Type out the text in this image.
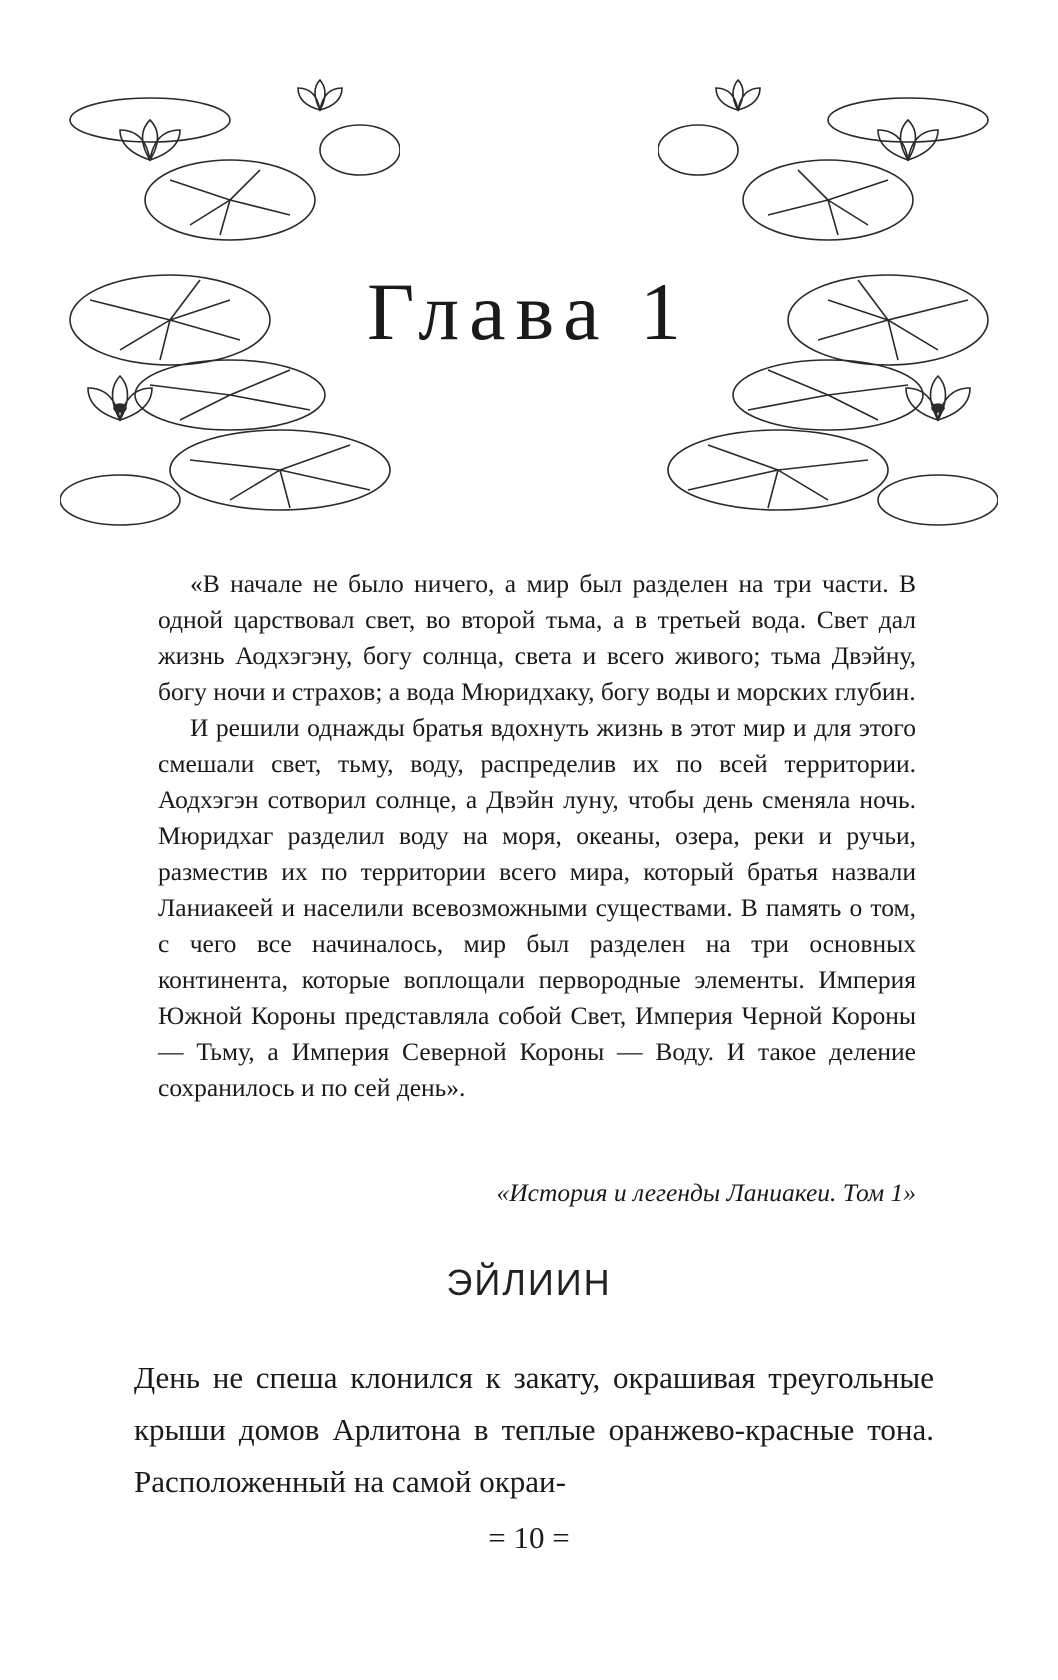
Глава 1

«В начале не было ничего, а мир был разделен на три части. В одной царствовал свет, во второй тьма, а в третьей вода. Свет дал жизнь Аодхэгэну, богу солнца, света и всего живого; тьма Двэйну, богу ночи и страхов; а вода Мюридхаку, богу воды и морских глубин.

И решили однажды братья вдохнуть жизнь в этот мир и для этого смешали свет, тьму, воду, распределив их по всей территории. Аодхэгэн сотворил солнце, а Двэйн луну, чтобы день сменяла ночь. Мюридхаг разделил воду на моря, океаны, озера, реки и ручьи, разместив их по территории всего мира, который братья назвали Ланиакеей и населили всевозможными существами. В память о том, с чего все начиналось, мир был разделен на три основных континента, которые воплощали первородные элементы. Империя Южной Короны представляла собой Свет, Империя Черной Короны — Тьму, а Империя Северной Короны — Воду. И такое деление сохранилось и по сей день».

«История и легенды Ланиакеи. Том 1»
ЭЙЛИИН

День не спеша клонился к закату, окрашивая треугольные крыши домов Арлитона в теплые оранжево-красные тона. Расположенный на самой окраи-

= 10 =
